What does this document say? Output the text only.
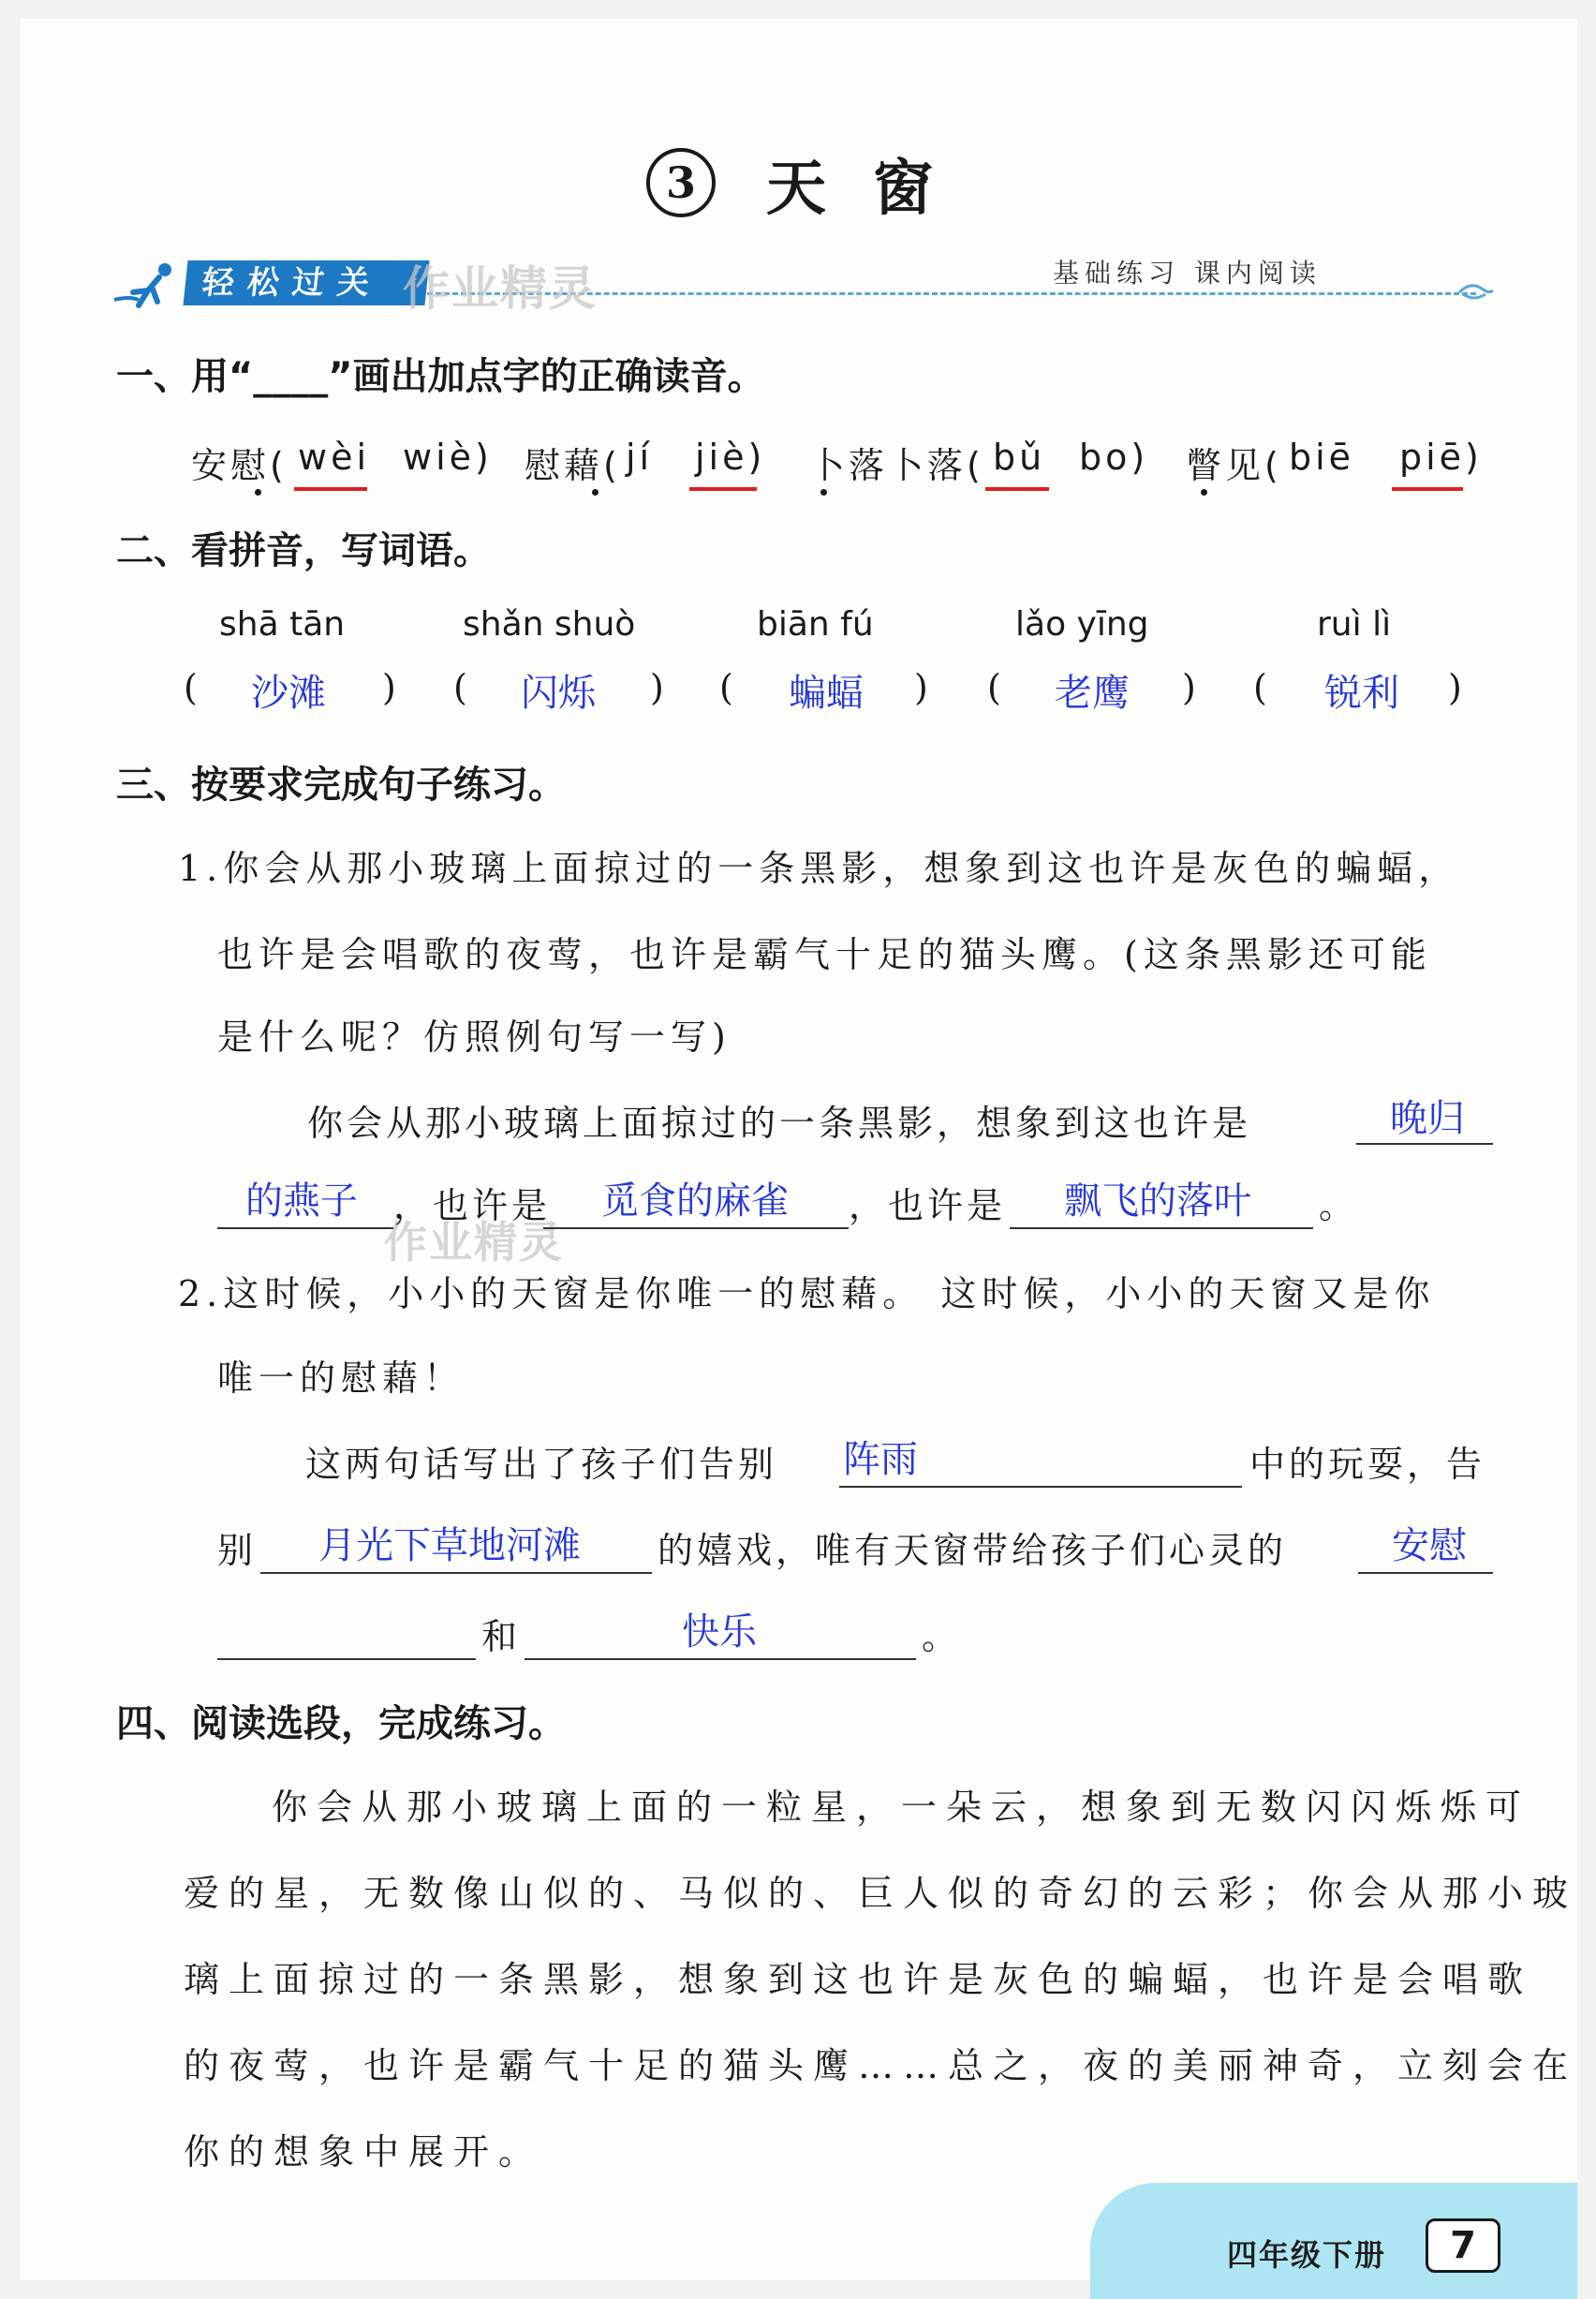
3	天窗
轻松过关	基础练习 课内阅读
作业精灵
作业精灵
一、用“____”画出加点字的正确读音。
安慰( wèi wiè) 慰藉( jí jiè) 卜落卜落( bǔ bo) 瞥见( biē piē)
二、看拼音，写词语。
shā tān	shǎn shuò	biān fú	lǎo yīng	ruì lì
( 沙滩 ) ( 闪烁 ) ( 蝙蝠 ) ( 老鹰 ) ( 锐利 )
三、按要求完成句子练习。
1.你会从那小玻璃上面掠过的一条黑影，想象到这也许是灰色的蝙蝠，
也许是会唱歌的夜莺，也许是霸气十足的猫头鹰。(这条黑影还可能
是什么呢？仿照例句写一写)
你会从那小玻璃上面掠过的一条黑影，想象到这也许是	晚归
的燕子 ，也许是 觅食的麻雀 ，也许是 飘飞的落叶 。
2.这时候，小小的天窗是你唯一的慰藉。 这时候，小小的天窗又是你
唯一的慰藉！
这两句话写出了孩子们告别 阵雨	中的玩耍，告
别 月光下草地河滩 的嬉戏，唯有天窗带给孩子们心灵的	安慰
和	快乐	。
四、阅读选段，完成练习。
你会从那小玻璃上面的一粒星，一朵云，想象到无数闪闪烁烁可
爱的星，无数像山似的、马似的、巨人似的奇幻的云彩；你会从那小玻
璃上面掠过的一条黑影，想象到这也许是灰色的蝙蝠，也许是会唱歌
的夜莺，也许是霸气十足的猫头鹰……总之，夜的美丽神奇，立刻会在
你的想象中展开。
四年级下册	7
